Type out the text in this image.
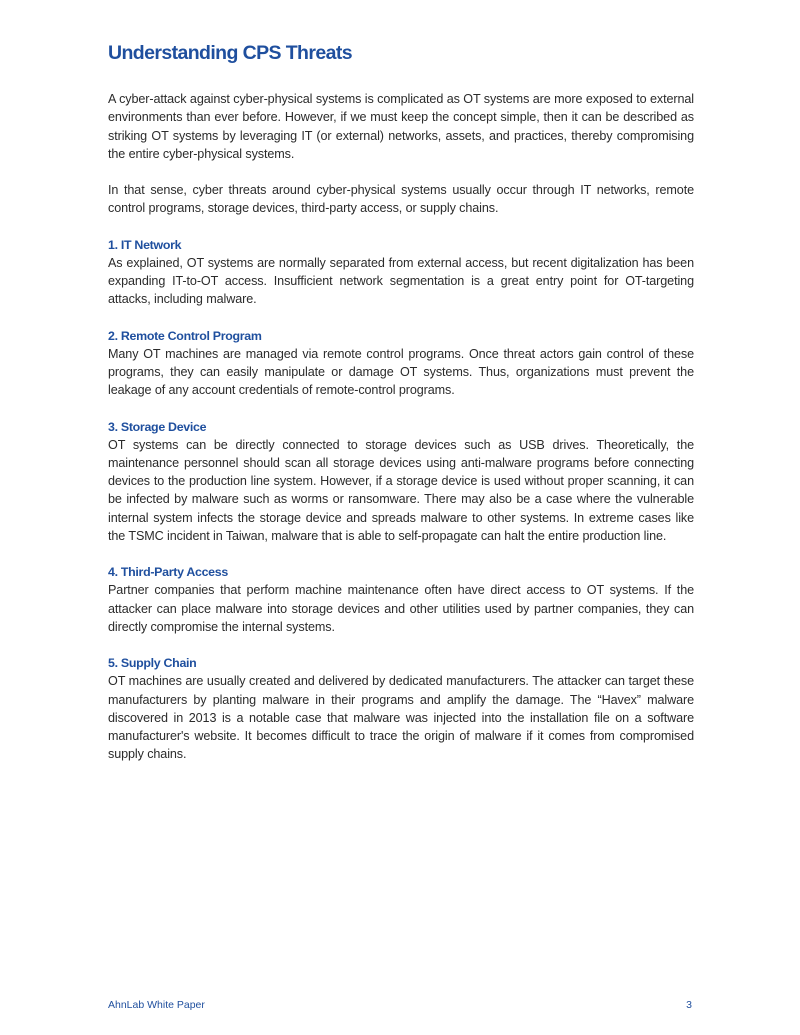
Understanding CPS Threats

A cyber-attack against cyber-physical systems is complicated as OT systems are more exposed to external environments than ever before. However, if we must keep the concept simple, then it can be described as striking OT systems by leveraging IT (or external) networks, assets, and practices, thereby compromising the entire cyber-physical systems.

In that sense, cyber threats around cyber-physical systems usually occur through IT networks, remote control programs, storage devices, third-party access, or supply chains.

1. IT Network

As explained, OT systems are normally separated from external access, but recent digitalization has been expanding IT-to-OT access. Insufficient network segmentation is a great entry point for OT-targeting attacks, including malware.

2. Remote Control Program

Many OT machines are managed via remote control programs. Once threat actors gain control of these programs, they can easily manipulate or damage OT systems. Thus, organizations must prevent the leakage of any account credentials of remote-control programs.

3. Storage Device

OT systems can be directly connected to storage devices such as USB drives. Theoretically, the maintenance personnel should scan all storage devices using anti-malware programs before connecting devices to the production line system. However, if a storage device is used without proper scanning, it can be infected by malware such as worms or ransomware. There may also be a case where the vulnerable internal system infects the storage device and spreads malware to other systems. In extreme cases like the TSMC incident in Taiwan, malware that is able to self-propagate can halt the entire production line.

4. Third-Party Access

Partner companies that perform machine maintenance often have direct access to OT systems. If the attacker can place malware into storage devices and other utilities used by partner companies, they can directly compromise the internal systems.

5. Supply Chain

OT machines are usually created and delivered by dedicated manufacturers. The attacker can target these manufacturers by planting malware in their programs and amplify the damage. The “Havex” malware discovered in 2013 is a notable case that malware was injected into the installation file on a software manufacturer's website. It becomes difficult to trace the origin of malware if it comes from compromised supply chains.

AhnLab White Paper	3
